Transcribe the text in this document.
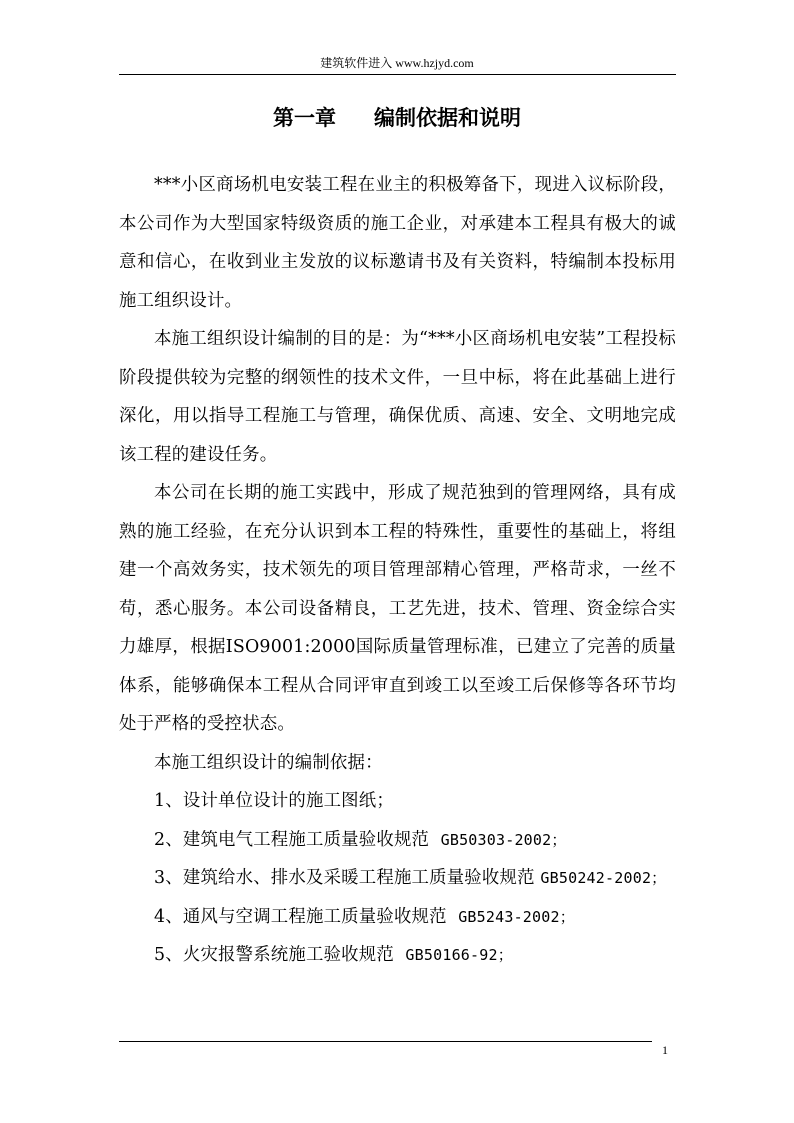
建筑软件进入 www.hzjyd.com
第一章 编制依据和说明

***小区商场机电安装工程在业主的积极筹备下，现进入议标阶段，本公司作为大型国家特级资质的施工企业，对承建本工程具有极大的诚意和信心，在收到业主发放的议标邀请书及有关资料，特编制本投标用施工组织设计。

本施工组织设计编制的目的是：为“***小区商场机电安装”工程投标阶段提供较为完整的纲领性的技术文件，一旦中标，将在此基础上进行深化，用以指导工程施工与管理，确保优质、高速、安全、文明地完成该工程的建设任务。

本公司在长期的施工实践中，形成了规范独到的管理网络，具有成熟的施工经验，在充分认识到本工程的特殊性，重要性的基础上，将组建一个高效务实，技术领先的项目管理部精心管理，严格苛求，一丝不苟，悉心服务。本公司设备精良，工艺先进，技术、管理、资金综合实力雄厚，根据ISO9001:2000国际质量管理标准，已建立了完善的质量体系，能够确保本工程从合同评审直到竣工以至竣工后保修等各环节均处于严格的受控状态。

本施工组织设计的编制依据：

1、设计单位设计的施工图纸；

2、建筑电气工程施工质量验收规范 GB50303-2002；

3、建筑给水、排水及采暖工程施工质量验收规范 GB50242-2002；

4、通风与空调工程施工质量验收规范 GB5243-2002；

5、火灾报警系统施工验收规范 GB50166-92；

1
